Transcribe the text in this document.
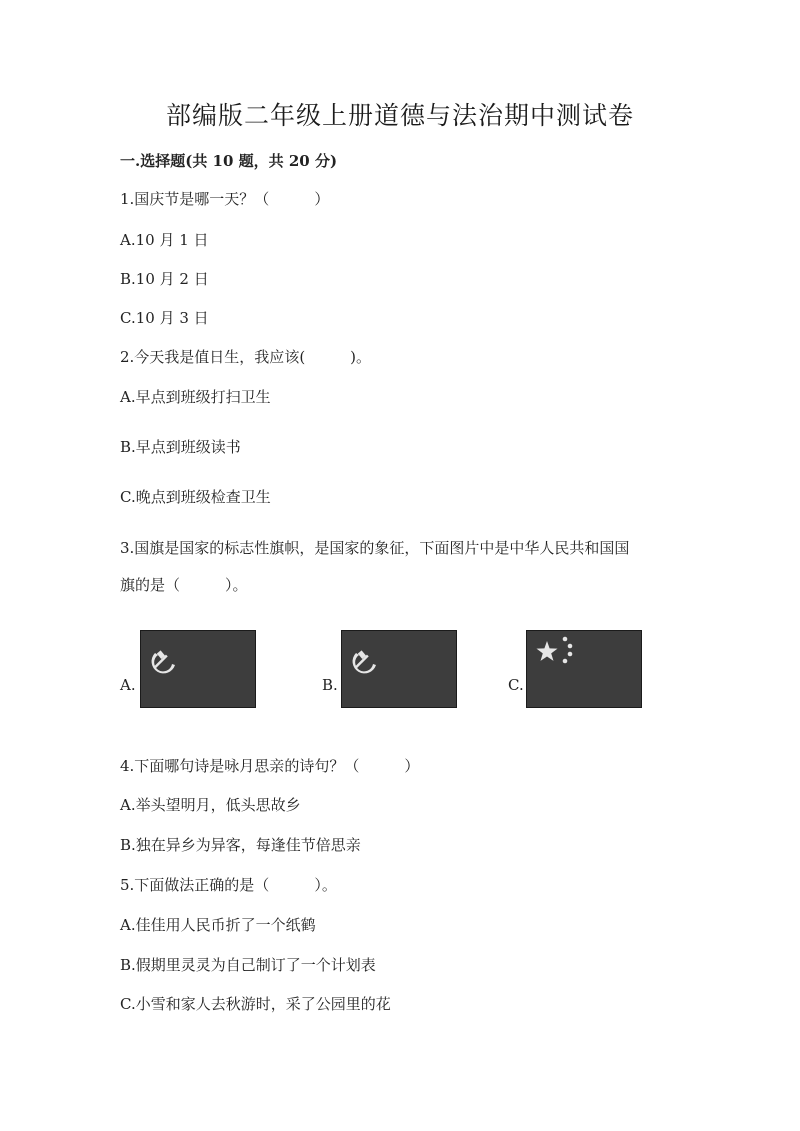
部编版二年级上册道德与法治期中测试卷
一.选择题(共 10 题，共 20 分)
1.国庆节是哪一天？（　　　）
A.10 月 1 日
B.10 月 2 日
C.10 月 3 日
2.今天我是值日生，我应该(　　　)。
A.早点到班级打扫卫生
B.早点到班级读书
C.晚点到班级检查卫生
3.国旗是国家的标志性旗帜，是国家的象征，下面图片中是中华人民共和国国
旗的是（　　　）。
A.	B.	C.
4.下面哪句诗是咏月思亲的诗句？（　　　）
A.举头望明月，低头思故乡
B.独在异乡为异客，每逢佳节倍思亲
5.下面做法正确的是（　　　）。
A.佳佳用人民币折了一个纸鹤
B.假期里灵灵为自己制订了一个计划表
C.小雪和家人去秋游时，采了公园里的花
